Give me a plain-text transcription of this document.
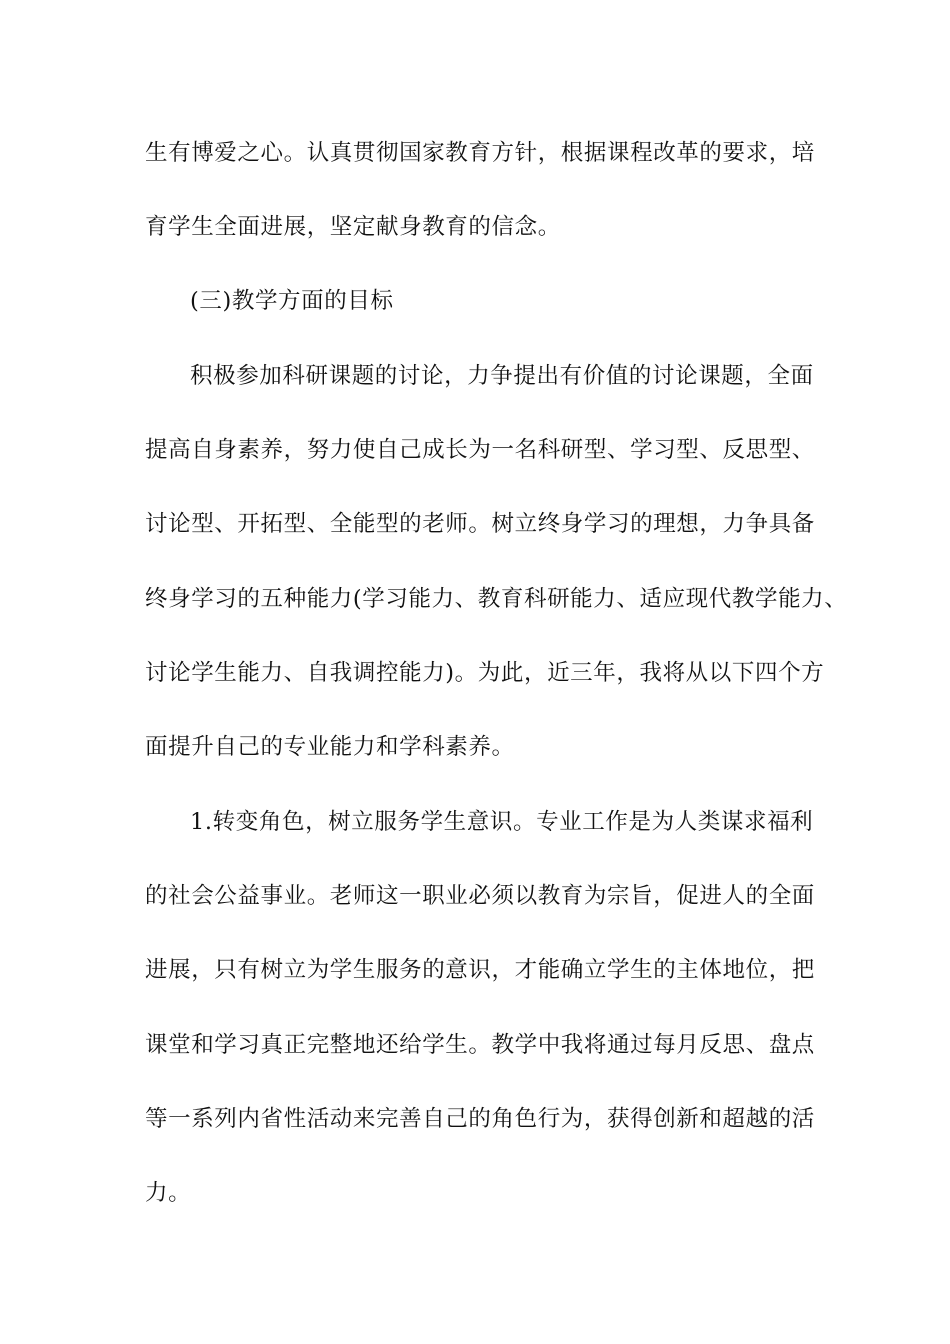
生有博爱之心。认真贯彻国家教育方针，根据课程改革的要求，培
育学生全面进展，坚定献身教育的信念。
(三)教学方面的目标
积极参加科研课题的讨论，力争提出有价值的讨论课题，全面
提高自身素养，努力使自己成长为一名科研型、学习型、反思型、
讨论型、开拓型、全能型的老师。树立终身学习的理想，力争具备
终身学习的五种能力(学习能力、教育科研能力、适应现代教学能力、
讨论学生能力、自我调控能力)。为此，近三年，我将从以下四个方
面提升自己的专业能力和学科素养。
1.转变角色，树立服务学生意识。专业工作是为人类谋求福利
的社会公益事业。老师这一职业必须以教育为宗旨，促进人的全面
进展，只有树立为学生服务的意识，才能确立学生的主体地位，把
课堂和学习真正完整地还给学生。教学中我将通过每月反思、盘点
等一系列内省性活动来完善自己的角色行为，获得创新和超越的活
力。
